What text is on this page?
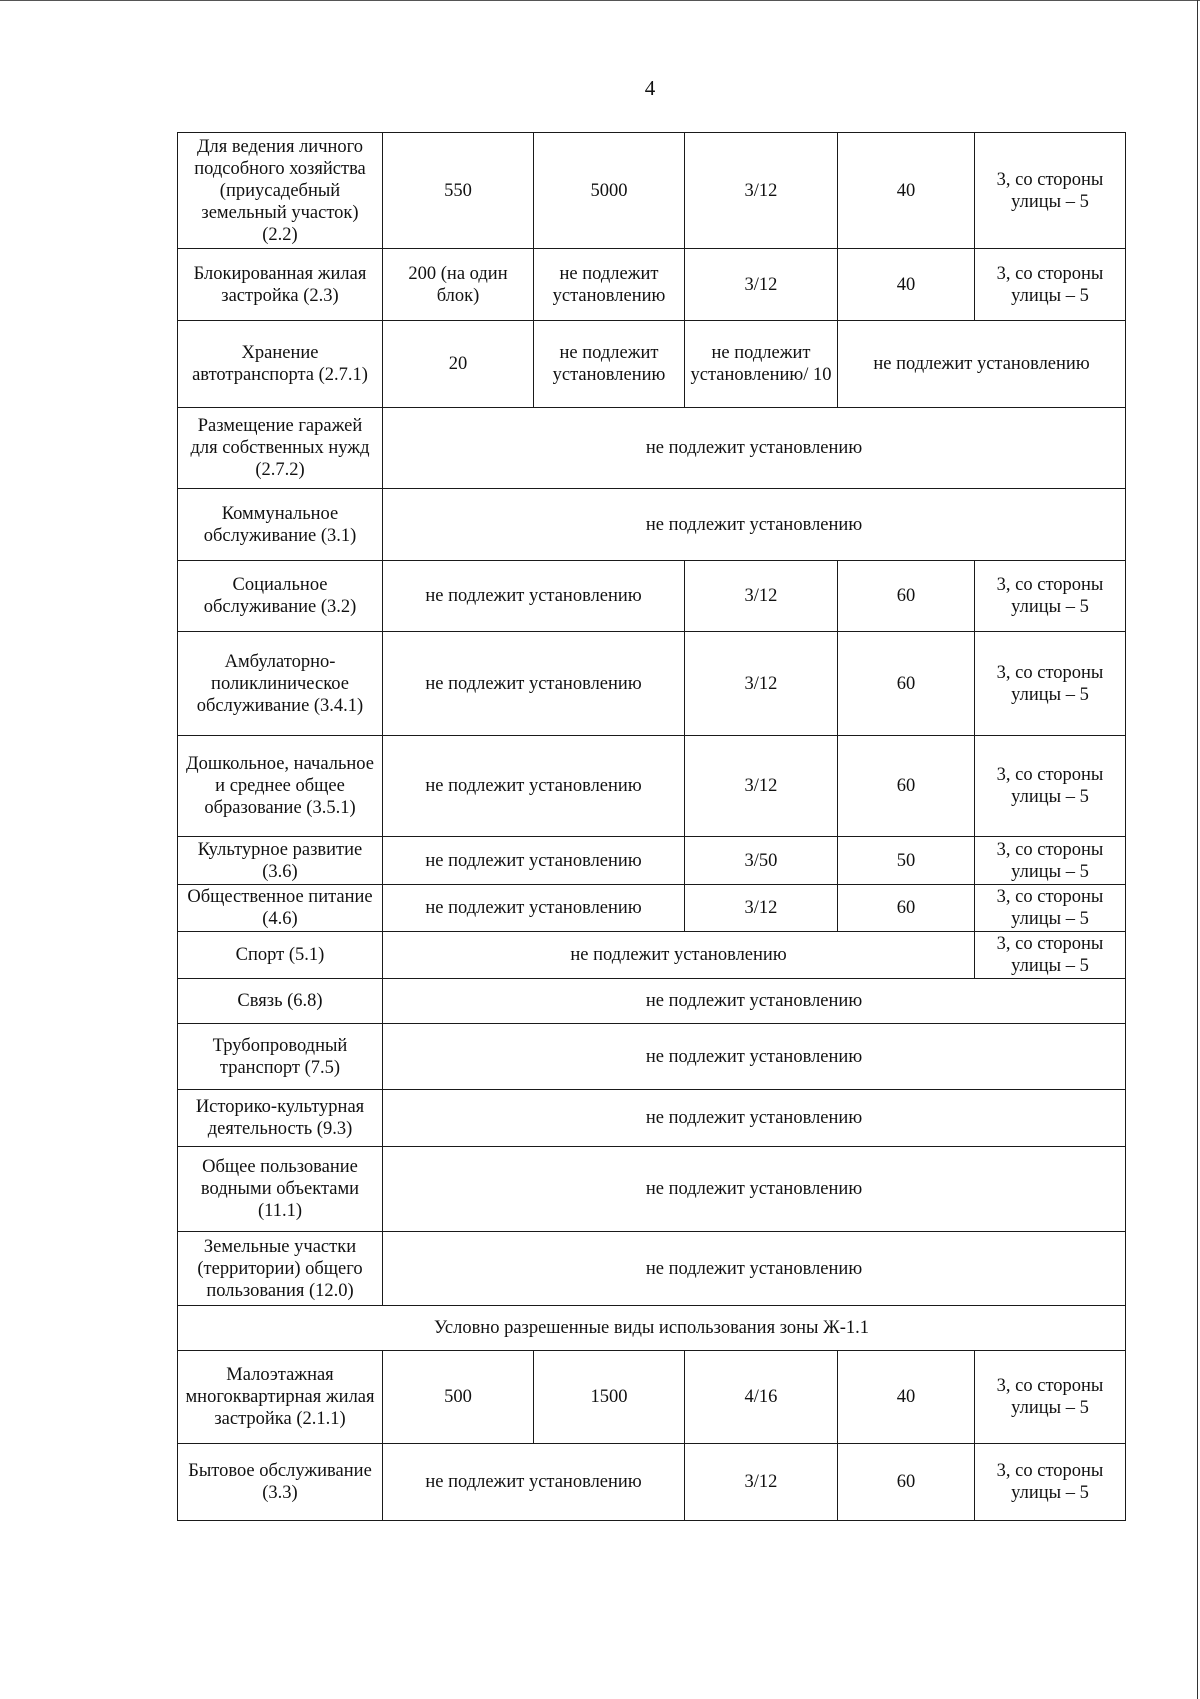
4
Для ведения личного подсобного хозяйства (приусадебный земельный участок) (2.2)	550	5000	3/12	40	3, со стороны улицы – 5
Блокированная жилая застройка (2.3)	200 (на один блок)	не подлежит установлению	3/12	40	3, со стороны улицы – 5
Хранение автотранспорта (2.7.1)	20	не подлежит установлению	не подлежит установлению/ 10	не подлежит установлению	
Размещение гаражей для собственных нужд (2.7.2)	не подлежит установлению				
Коммунальное обслуживание (3.1)	не подлежит установлению				
Социальное обслуживание (3.2)	не подлежит установлению		3/12	60	3, со стороны улицы – 5
Амбулаторно-поликлиническое обслуживание (3.4.1)	не подлежит установлению		3/12	60	3, со стороны улицы – 5
Дошкольное, начальное и среднее общее образование (3.5.1)	не подлежит установлению		3/12	60	3, со стороны улицы – 5
Культурное развитие (3.6)	не подлежит установлению		3/50	50	3, со стороны улицы – 5
Общественное питание (4.6)	не подлежит установлению		3/12	60	3, со стороны улицы – 5
Спорт (5.1)	не подлежит установлению				3, со стороны улицы – 5
Связь (6.8)	не подлежит установлению				
Трубопроводный транспорт (7.5)	не подлежит установлению				
Историко-культурная деятельность (9.3)	не подлежит установлению				
Общее пользование водными объектами (11.1)	не подлежит установлению				
Земельные участки (территории) общего пользования (12.0)	не подлежит установлению				
Условно разрешенные виды использования зоны Ж-1.1					
Малоэтажная многоквартирная жилая застройка (2.1.1)	500	1500	4/16	40	3, со стороны улицы – 5
Бытовое обслуживание (3.3)	не подлежит установлению		3/12	60	3, со стороны улицы – 5
